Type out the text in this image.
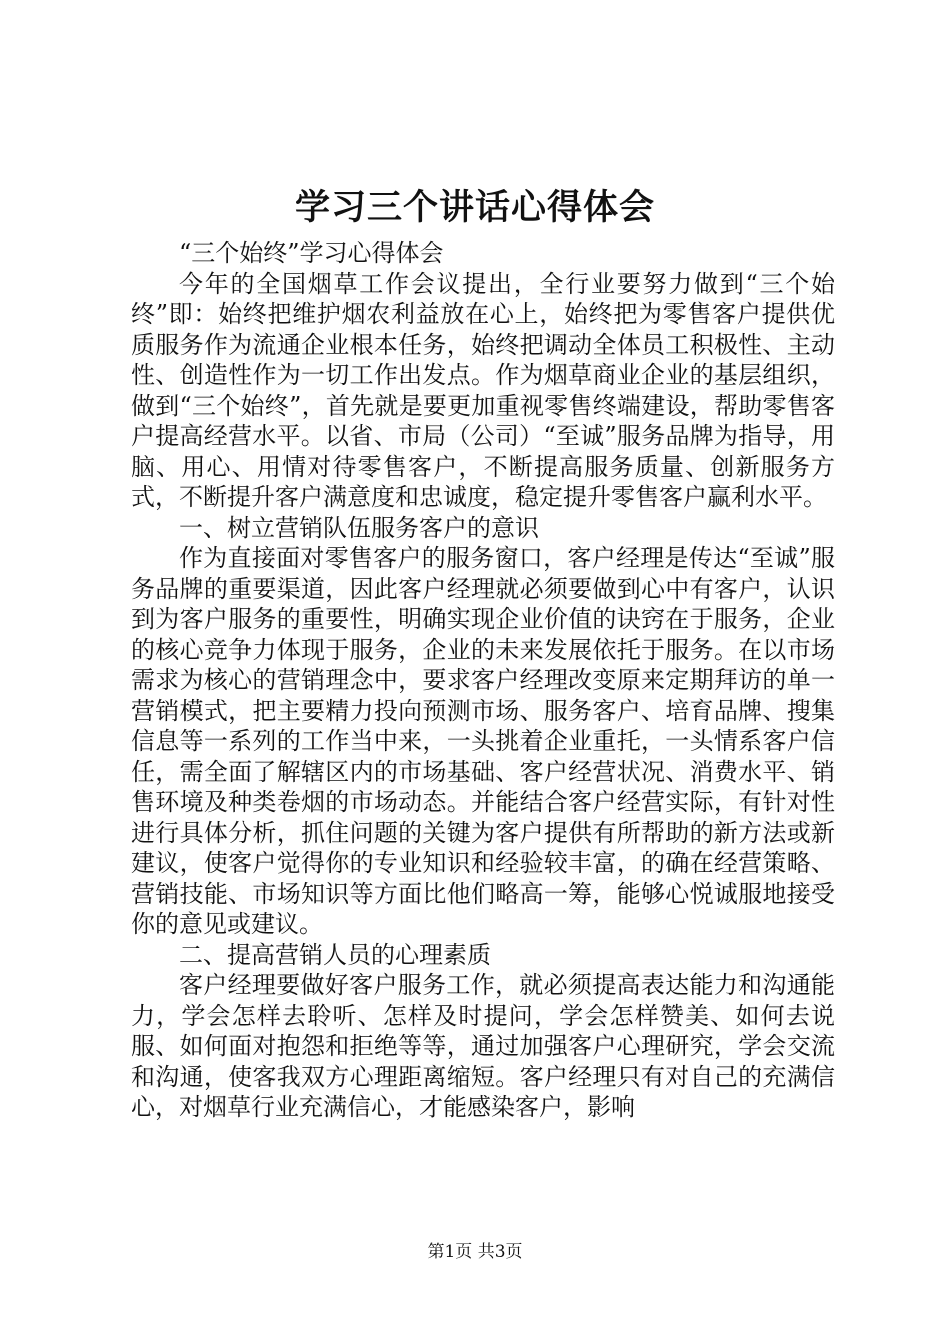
学习三个讲话心得体会

“三个始终”学习心得体会

今年的全国烟草工作会议提出，全行业要努力做到“三个始终”即：始终把维护烟农利益放在心上，始终把为零售客户提供优质服务作为流通企业根本任务，始终把调动全体员工积极性、主动性、创造性作为一切工作出发点。作为烟草商业企业的基层组织，做到“三个始终”，首先就是要更加重视零售终端建设，帮助零售客户提高经营水平。以省、市局（公司）“至诚”服务品牌为指导，用脑、用心、用情对待零售客户，不断提高服务质量、创新服务方式，不断提升客户满意度和忠诚度，稳定提升零售客户赢利水平。

一、树立营销队伍服务客户的意识

作为直接面对零售客户的服务窗口，客户经理是传达“至诚”服务品牌的重要渠道，因此客户经理就必须要做到心中有客户，认识到为客户服务的重要性，明确实现企业价值的诀窍在于服务，企业的核心竞争力体现于服务，企业的未来发展依托于服务。在以市场需求为核心的营销理念中，要求客户经理改变原来定期拜访的单一营销模式，把主要精力投向预测市场、服务客户、培育品牌、搜集信息等一系列的工作当中来，一头挑着企业重托，一头情系客户信任，需全面了解辖区内的市场基础、客户经营状况、消费水平、销售环境及种类卷烟的市场动态。并能结合客户经营实际，有针对性进行具体分析，抓住问题的关键为客户提供有所帮助的新方法或新建议，使客户觉得你的专业知识和经验较丰富，的确在经营策略、营销技能、市场知识等方面比他们略高一筹，能够心悦诚服地接受你的意见或建议。

二、提高营销人员的心理素质

客户经理要做好客户服务工作，就必须提高表达能力和沟通能力，学会怎样去聆听、怎样及时提问，学会怎样赞美、如何去说服、如何面对抱怨和拒绝等等，通过加强客户心理研究，学会交流和沟通，使客我双方心理距离缩短。客户经理只有对自己的充满信心，对烟草行业充满信心，才能感染客户，影响

第1页 共3页
